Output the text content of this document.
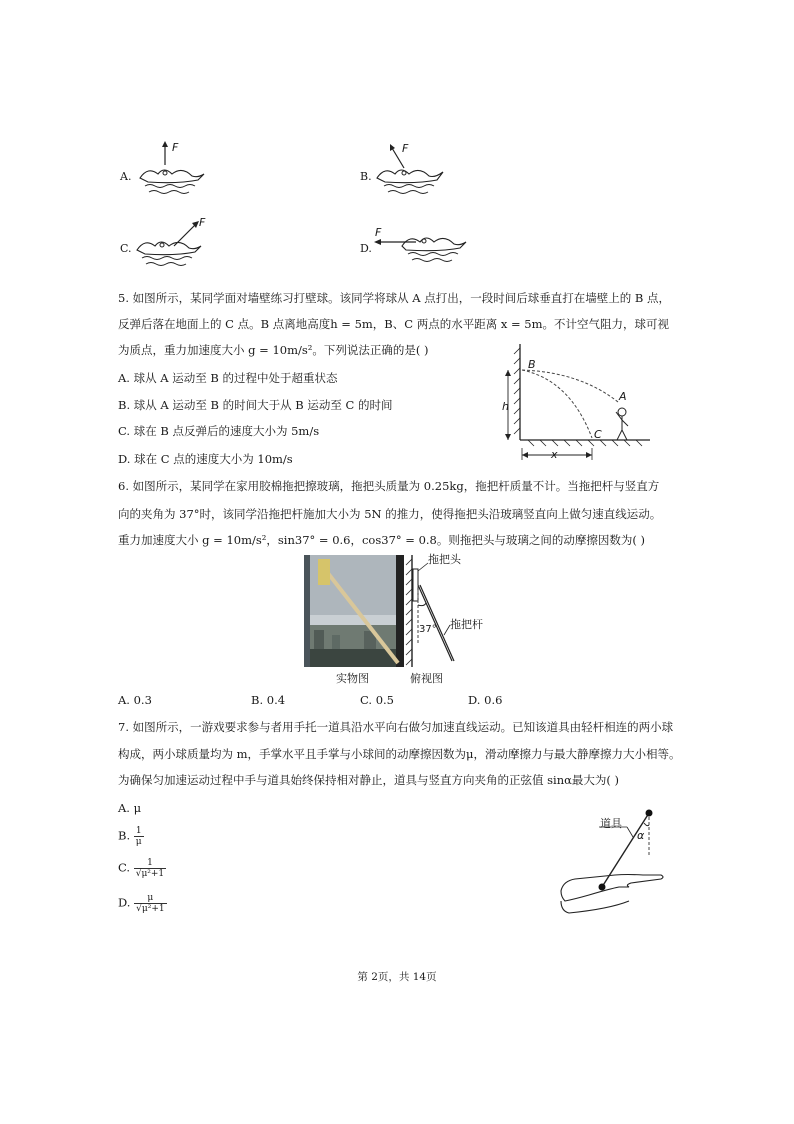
A.
F
B.
F
C.
F
D.
F
5. 如图所示，某同学面对墙壁练习打壁球。该同学将球从 A 点打出，一段时间后球垂直打在墙壁上的 B 点，
反弹后落在地面上的 C 点。B 点离地高度h = 5m，B、C 两点的水平距离 x = 5m。不计空气阻力，球可视
为质点，重力加速度大小 g = 10m/s²。下列说法正确的是( )
A. 球从 A 运动至 B 的过程中处于超重状态
B. 球从 A 运动至 B 的时间大于从 B 运动至 C 的时间
C. 球在 B 点反弹后的速度大小为 5m/s
D. 球在 C 点的速度大小为 10m/s
B
A
C
h
x
6. 如图所示，某同学在家用胶棉拖把擦玻璃，拖把头质量为 0.25kg，拖把杆质量不计。当拖把杆与竖直方
向的夹角为 37°时，该同学沿拖把杆施加大小为 5N 的推力，使得拖把头沿玻璃竖直向上做匀速直线运动。
重力加速度大小 g = 10m/s²，sin37° = 0.6，cos37° = 0.8。则拖把头与玻璃之间的动摩擦因数为( )
实物图
拖把头
拖把杆
37°
俯视图
A. 0.3	B. 0.4	C. 0.5	D. 0.6
7. 如图所示，一游戏要求参与者用手托一道具沿水平向右做匀加速直线运动。已知该道具由轻杆相连的两小球
构成，两小球质量均为 m，手掌水平且手掌与小球间的动摩擦因数为μ，滑动摩擦力与最大静摩擦力大小相等。
为确保匀加速运动过程中手与道具始终保持相对静止，道具与竖直方向夹角的正弦值 sinα最大为( )
A. μ
B. $\frac{1}{\mu}$
C. $\frac{1}{\text{√μ²+1}}$
D. $\frac{\mu}{\text{√μ²+1}}$
道具
α
第 2页，共 14页
